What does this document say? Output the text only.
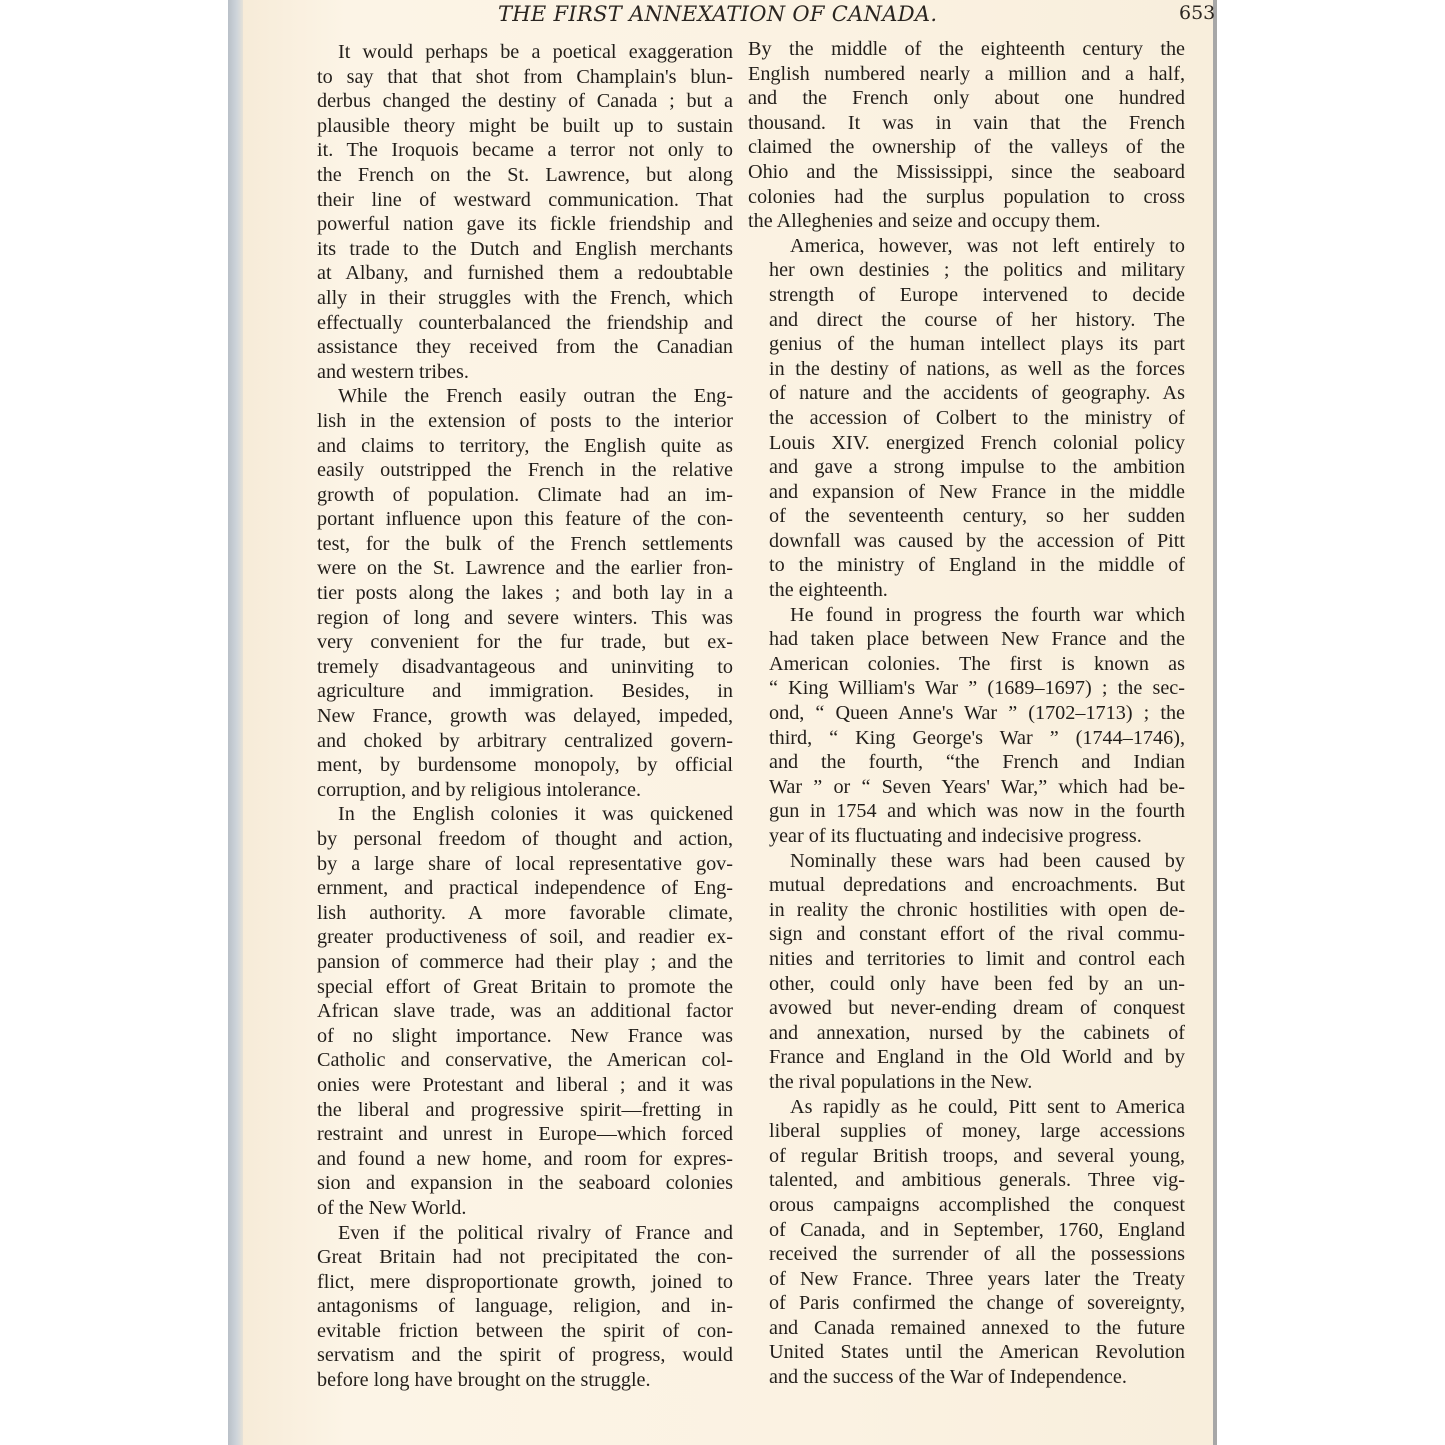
THE FIRST ANNEXATION OF CANADA.	653

It would perhaps be a poetical exaggeration
to say that that shot from Champlain's blun-
derbus changed the destiny of Canada ; but a
plausible theory might be built up to sustain
it. The Iroquois became a terror not only to
the French on the St. Lawrence, but along
their line of westward communication. That
powerful nation gave its fickle friendship and
its trade to the Dutch and English merchants
at Albany, and furnished them a redoubtable
ally in their struggles with the French, which
effectually counterbalanced the friendship and
assistance they received from the Canadian
and western tribes.

While the French easily outran the Eng-
lish in the extension of posts to the interior
and claims to territory, the English quite as
easily outstripped the French in the relative
growth of population. Climate had an im-
portant influence upon this feature of the con-
test, for the bulk of the French settlements
were on the St. Lawrence and the earlier fron-
tier posts along the lakes ; and both lay in a
region of long and severe winters. This was
very convenient for the fur trade, but ex-
tremely disadvantageous and uninviting to
agriculture and immigration. Besides, in
New France, growth was delayed, impeded,
and choked by arbitrary centralized govern-
ment, by burdensome monopoly, by official
corruption, and by religious intolerance.

In the English colonies it was quickened
by personal freedom of thought and action,
by a large share of local representative gov-
ernment, and practical independence of Eng-
lish authority. A more favorable climate,
greater productiveness of soil, and readier ex-
pansion of commerce had their play ; and the
special effort of Great Britain to promote the
African slave trade, was an additional factor
of no slight importance. New France was
Catholic and conservative, the American col-
onies were Protestant and liberal ; and it was
the liberal and progressive spirit—fretting in
restraint and unrest in Europe—which forced
and found a new home, and room for expres-
sion and expansion in the seaboard colonies
of the New World.

Even if the political rivalry of France and
Great Britain had not precipitated the con-
flict, mere disproportionate growth, joined to
antagonisms of language, religion, and in-
evitable friction between the spirit of con-
servatism and the spirit of progress, would
before long have brought on the struggle.

By the middle of the eighteenth century the
English numbered nearly a million and a half,
and the French only about one hundred
thousand. It was in vain that the French
claimed the ownership of the valleys of the
Ohio and the Mississippi, since the seaboard
colonies had the surplus population to cross
the Alleghenies and seize and occupy them.

America, however, was not left entirely to
her own destinies ; the politics and military
strength of Europe intervened to decide
and direct the course of her history. The
genius of the human intellect plays its part
in the destiny of nations, as well as the forces
of nature and the accidents of geography. As
the accession of Colbert to the ministry of
Louis XIV. energized French colonial policy
and gave a strong impulse to the ambition
and expansion of New France in the middle
of the seventeenth century, so her sudden
downfall was caused by the accession of Pitt
to the ministry of England in the middle of
the eighteenth.

He found in progress the fourth war which
had taken place between New France and the
American colonies. The first is known as
“ King William's War ” (1689–1697) ; the sec-
ond, “ Queen Anne's War ” (1702–1713) ; the
third, “ King George's War ” (1744–1746),
and the fourth, “the French and Indian
War ” or “ Seven Years' War,” which had be-
gun in 1754 and which was now in the fourth
year of its fluctuating and indecisive progress.

Nominally these wars had been caused by
mutual depredations and encroachments. But
in reality the chronic hostilities with open de-
sign and constant effort of the rival commu-
nities and territories to limit and control each
other, could only have been fed by an un-
avowed but never-ending dream of conquest
and annexation, nursed by the cabinets of
France and England in the Old World and by
the rival populations in the New.

As rapidly as he could, Pitt sent to America
liberal supplies of money, large accessions
of regular British troops, and several young,
talented, and ambitious generals. Three vig-
orous campaigns accomplished the conquest
of Canada, and in September, 1760, England
received the surrender of all the possessions
of New France. Three years later the Treaty
of Paris confirmed the change of sovereignty,
and Canada remained annexed to the future
United States until the American Revolution
and the success of the War of Independence.
